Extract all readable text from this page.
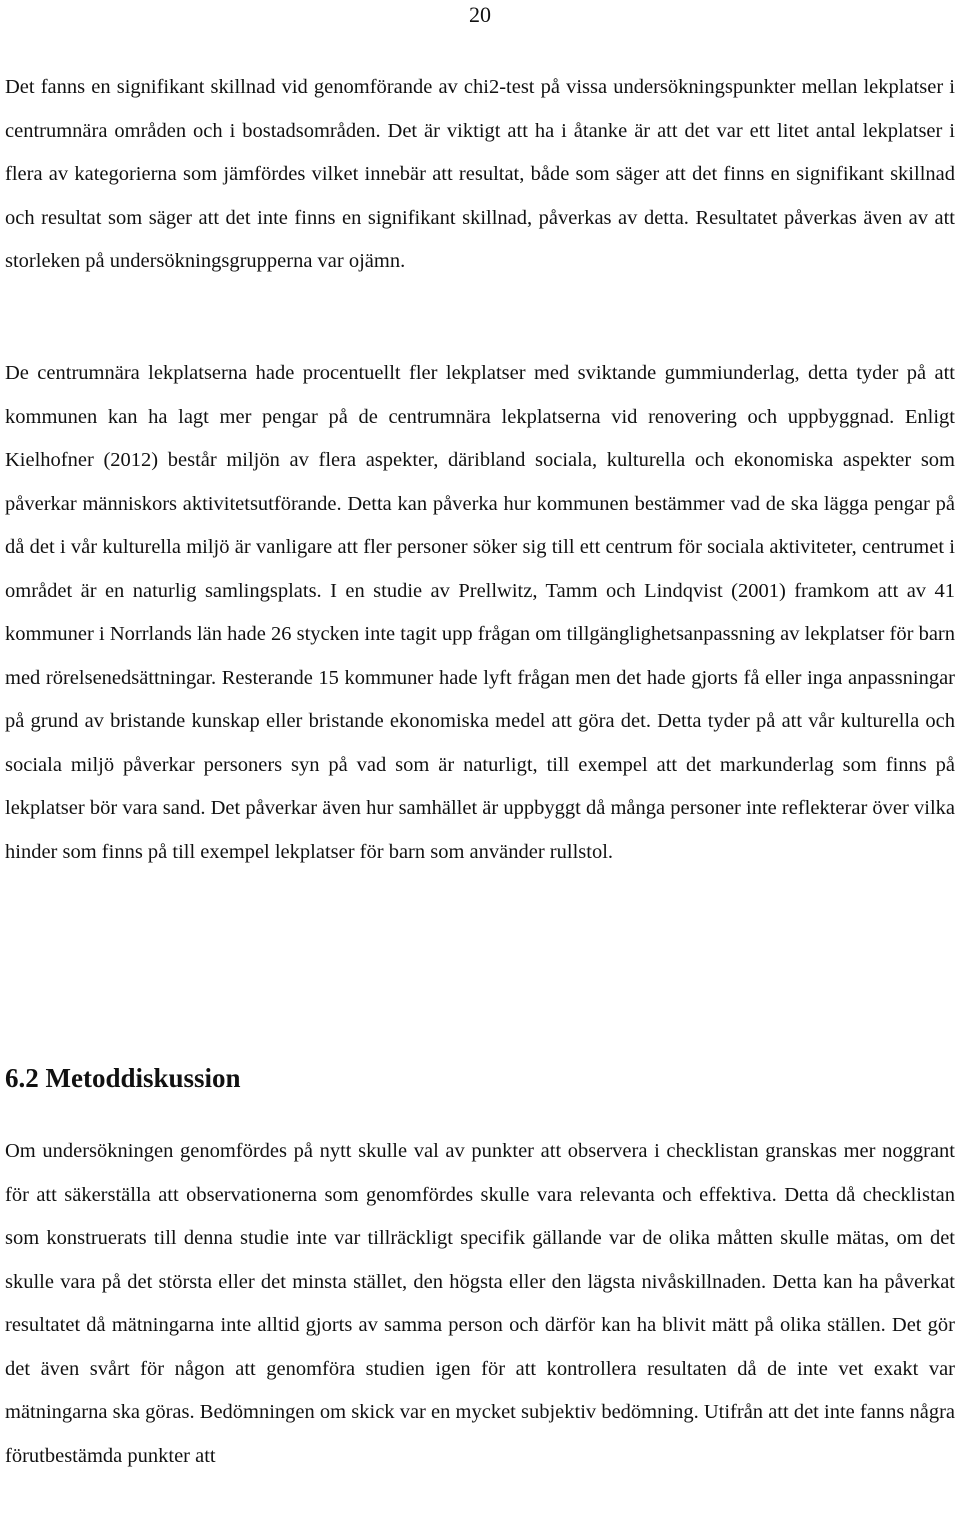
20

Det fanns en signifikant skillnad vid genomförande av chi2-test på vissa undersökningspunkter mellan lekplatser i centrumnära områden och i bostadsområden. Det är viktigt att ha i åtanke är att det var ett litet antal lekplatser i flera av kategorierna som jämfördes vilket innebär att resultat, både som säger att det finns en signifikant skillnad och resultat som säger att det inte finns en signifikant skillnad, påverkas av detta. Resultatet påverkas även av att storleken på undersökningsgrupperna var ojämn.

De centrumnära lekplatserna hade procentuellt fler lekplatser med sviktande gummiunderlag, detta tyder på att kommunen kan ha lagt mer pengar på de centrumnära lekplatserna vid renovering och uppbyggnad. Enligt Kielhofner (2012) består miljön av flera aspekter, däribland sociala, kulturella och ekonomiska aspekter som påverkar människors aktivitetsutförande. Detta kan påverka hur kommunen bestämmer vad de ska lägga pengar på då det i vår kulturella miljö är vanligare att fler personer söker sig till ett centrum för sociala aktiviteter, centrumet i området är en naturlig samlingsplats. I en studie av Prellwitz, Tamm och Lindqvist (2001) framkom att av 41 kommuner i Norrlands län hade 26 stycken inte tagit upp frågan om tillgänglighetsanpassning av lekplatser för barn med rörelsenedsättningar. Resterande 15 kommuner hade lyft frågan men det hade gjorts få eller inga anpassningar på grund av bristande kunskap eller bristande ekonomiska medel att göra det. Detta tyder på att vår kulturella och sociala miljö påverkar personers syn på vad som är naturligt, till exempel att det markunderlag som finns på lekplatser bör vara sand. Det påverkar även hur samhället är uppbyggt då många personer inte reflekterar över vilka hinder som finns på till exempel lekplatser för barn som använder rullstol.

6.2 Metoddiskussion

Om undersökningen genomfördes på nytt skulle val av punkter att observera i checklistan granskas mer noggrant för att säkerställa att observationerna som genomfördes skulle vara relevanta och effektiva. Detta då checklistan som konstruerats till denna studie inte var tillräckligt specifik gällande var de olika måtten skulle mätas, om det skulle vara på det största eller det minsta stället, den högsta eller den lägsta nivåskillnaden. Detta kan ha påverkat resultatet då mätningarna inte alltid gjorts av samma person och därför kan ha blivit mätt på olika ställen. Det gör det även svårt för någon att genomföra studien igen för att kontrollera resultaten då de inte vet exakt var mätningarna ska göras. Bedömningen om skick var en mycket subjektiv bedömning. Utifrån att det inte fanns några förutbestämda punkter att
